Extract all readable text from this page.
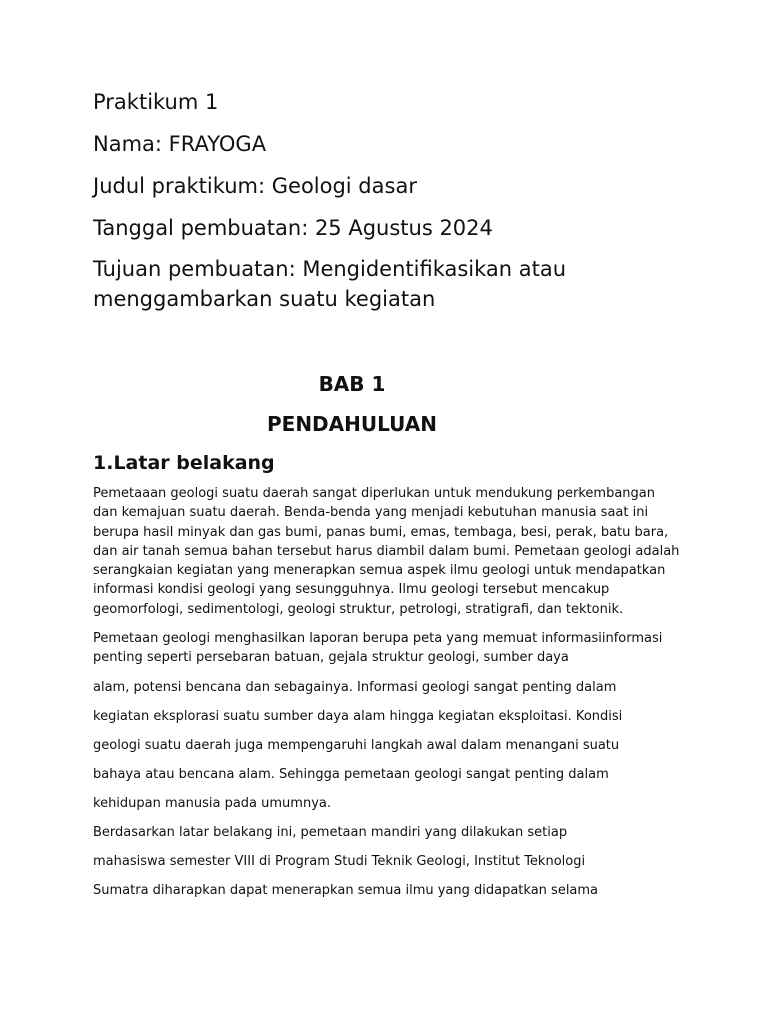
Praktikum 1

Nama: FRAYOGA

Judul praktikum: Geologi dasar

Tanggal pembuatan: 25 Agustus 2024

Tujuan pembuatan: Mengidentifikasikan atau menggambarkan suatu kegiatan

BAB 1
PENDAHULUAN
1.Latar belakang

Pemetaaan geologi suatu daerah sangat diperlukan untuk mendukung perkembangan dan kemajuan suatu daerah. Benda-benda yang menjadi kebutuhan manusia saat ini berupa hasil minyak dan gas bumi, panas bumi, emas, tembaga, besi, perak, batu bara, dan air tanah semua bahan tersebut harus diambil dalam bumi. Pemetaan geologi adalah serangkaian kegiatan yang menerapkan semua aspek ilmu geologi untuk mendapatkan informasi kondisi geologi yang sesungguhnya. Ilmu geologi tersebut mencakup geomorfologi, sedimentologi, geologi struktur, petrologi, stratigrafi, dan tektonik.

Pemetaan geologi menghasilkan laporan berupa peta yang memuat informasiinformasi penting seperti persebaran batuan, gejala struktur geologi, sumber daya

alam, potensi bencana dan sebagainya. Informasi geologi sangat penting dalam

kegiatan eksplorasi suatu sumber daya alam hingga kegiatan eksploitasi. Kondisi

geologi suatu daerah juga mempengaruhi langkah awal dalam menangani suatu

bahaya atau bencana alam. Sehingga pemetaan geologi sangat penting dalam

kehidupan manusia pada umumnya.

Berdasarkan latar belakang ini, pemetaan mandiri yang dilakukan setiap

mahasiswa semester VIII di Program Studi Teknik Geologi, Institut Teknologi

Sumatra diharapkan dapat menerapkan semua ilmu yang didapatkan selama
